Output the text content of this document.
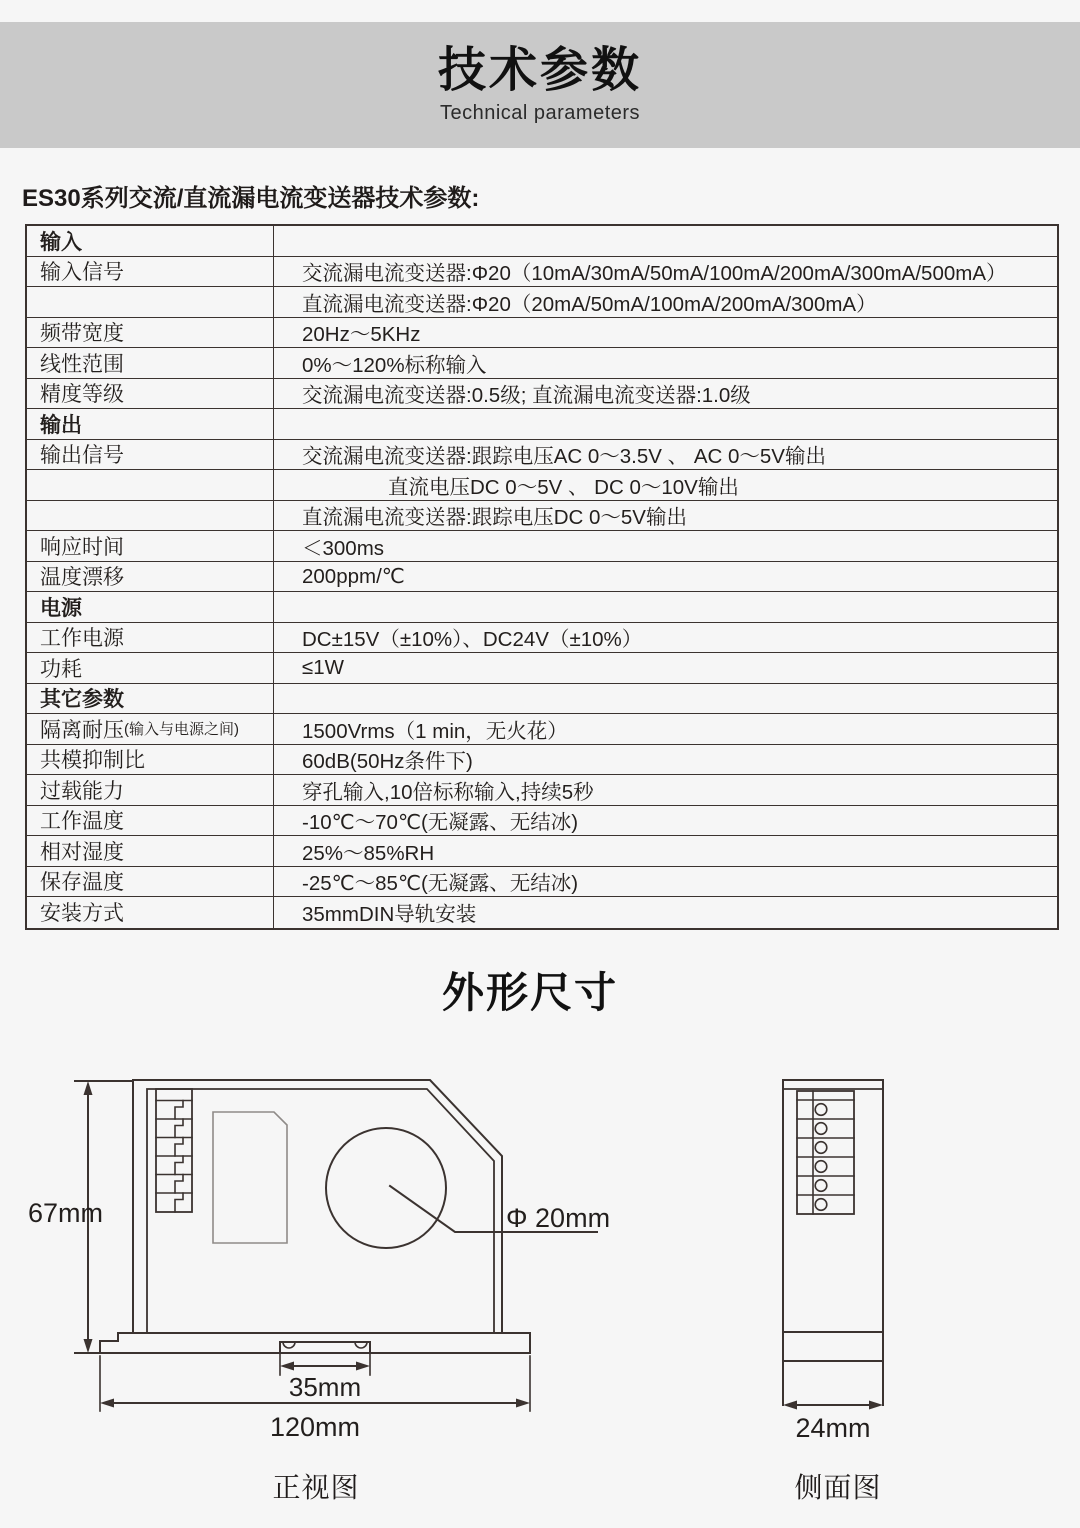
技术参数
Technical parameters
ES30系列交流/直流漏电流变送器技术参数:
输入
输入信号	交流漏电流变送器:Φ20（10mA/30mA/50mA/100mA/200mA/300mA/500mA）
直流漏电流变送器:Φ20（20mA/50mA/100mA/200mA/300mA）
频带宽度	20Hz～5KHz
线性范围	0%～120%标称输入
精度等级	交流漏电流变送器:0.5级; 直流漏电流变送器:1.0级
输出
输出信号	交流漏电流变送器:跟踪电压AC 0～3.5V 、 AC 0～5V输出
直流电压DC 0～5V 、 DC 0～10V输出
直流漏电流变送器:跟踪电压DC 0～5V输出
响应时间	＜300ms
温度漂移	200ppm/℃
电源
工作电源	DC±15V（±10%）、DC24V（±10%）
功耗	≤1W
其它参数
隔离耐压 (输入与电源之间)	1500Vrms（1 min，无火花）
共模抑制比	60dB(50Hz条件下)
过载能力	穿孔输入,10倍标称输入,持续5秒
工作温度	-10℃～70℃(无凝露、无结冰)
相对湿度	25%～85%RH
保存温度	-25℃～85℃(无凝露、无结冰)
安装方式	35mmDIN导轨安装
外形尺寸
67mm	Φ 20mm
35mm
120mm	24mm
正视图	侧面图
